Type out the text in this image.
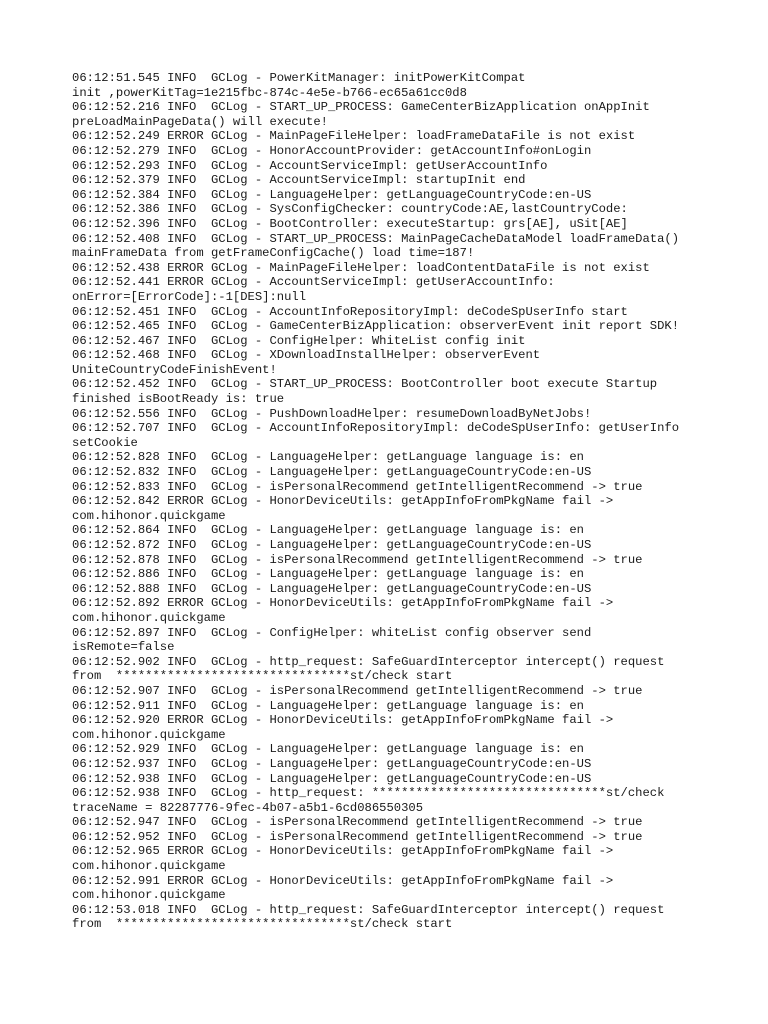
06:12:51.545 INFO  GCLog - PowerKitManager: initPowerKitCompat
init ,powerKitTag=1e215fbc-874c-4e5e-b766-ec65a61cc0d8
06:12:52.216 INFO  GCLog - START_UP_PROCESS: GameCenterBizApplication onAppInit
preLoadMainPageData() will execute!
06:12:52.249 ERROR GCLog - MainPageFileHelper: loadFrameDataFile is not exist
06:12:52.279 INFO  GCLog - HonorAccountProvider: getAccountInfo#onLogin
06:12:52.293 INFO  GCLog - AccountServiceImpl: getUserAccountInfo
06:12:52.379 INFO  GCLog - AccountServiceImpl: startupInit end
06:12:52.384 INFO  GCLog - LanguageHelper: getLanguageCountryCode:en-US
06:12:52.386 INFO  GCLog - SysConfigChecker: countryCode:AE,lastCountryCode:
06:12:52.396 INFO  GCLog - BootController: executeStartup: grs[AE], uSit[AE]
06:12:52.408 INFO  GCLog - START_UP_PROCESS: MainPageCacheDataModel loadFrameData()
mainFrameData from getFrameConfigCache() load time=187!
06:12:52.438 ERROR GCLog - MainPageFileHelper: loadContentDataFile is not exist
06:12:52.441 ERROR GCLog - AccountServiceImpl: getUserAccountInfo:
onError=[ErrorCode]:-1[DES]:null
06:12:52.451 INFO  GCLog - AccountInfoRepositoryImpl: deCodeSpUserInfo start
06:12:52.465 INFO  GCLog - GameCenterBizApplication: observerEvent init report SDK!
06:12:52.467 INFO  GCLog - ConfigHelper: WhiteList config init
06:12:52.468 INFO  GCLog - XDownloadInstallHelper: observerEvent
UniteCountryCodeFinishEvent!
06:12:52.452 INFO  GCLog - START_UP_PROCESS: BootController boot execute Startup
finished isBootReady is: true
06:12:52.556 INFO  GCLog - PushDownloadHelper: resumeDownloadByNetJobs!
06:12:52.707 INFO  GCLog - AccountInfoRepositoryImpl: deCodeSpUserInfo: getUserInfo
setCookie
06:12:52.828 INFO  GCLog - LanguageHelper: getLanguage language is: en
06:12:52.832 INFO  GCLog - LanguageHelper: getLanguageCountryCode:en-US
06:12:52.833 INFO  GCLog - isPersonalRecommend getIntelligentRecommend -> true
06:12:52.842 ERROR GCLog - HonorDeviceUtils: getAppInfoFromPkgName fail ->
com.hihonor.quickgame
06:12:52.864 INFO  GCLog - LanguageHelper: getLanguage language is: en
06:12:52.872 INFO  GCLog - LanguageHelper: getLanguageCountryCode:en-US
06:12:52.878 INFO  GCLog - isPersonalRecommend getIntelligentRecommend -> true
06:12:52.886 INFO  GCLog - LanguageHelper: getLanguage language is: en
06:12:52.888 INFO  GCLog - LanguageHelper: getLanguageCountryCode:en-US
06:12:52.892 ERROR GCLog - HonorDeviceUtils: getAppInfoFromPkgName fail ->
com.hihonor.quickgame
06:12:52.897 INFO  GCLog - ConfigHelper: whiteList config observer send
isRemote=false
06:12:52.902 INFO  GCLog - http_request: SafeGuardInterceptor intercept() request
from  ********************************st/check start
06:12:52.907 INFO  GCLog - isPersonalRecommend getIntelligentRecommend -> true
06:12:52.911 INFO  GCLog - LanguageHelper: getLanguage language is: en
06:12:52.920 ERROR GCLog - HonorDeviceUtils: getAppInfoFromPkgName fail ->
com.hihonor.quickgame
06:12:52.929 INFO  GCLog - LanguageHelper: getLanguage language is: en
06:12:52.937 INFO  GCLog - LanguageHelper: getLanguageCountryCode:en-US
06:12:52.938 INFO  GCLog - LanguageHelper: getLanguageCountryCode:en-US
06:12:52.938 INFO  GCLog - http_request: ********************************st/check
traceName = 82287776-9fec-4b07-a5b1-6cd086550305
06:12:52.947 INFO  GCLog - isPersonalRecommend getIntelligentRecommend -> true
06:12:52.952 INFO  GCLog - isPersonalRecommend getIntelligentRecommend -> true
06:12:52.965 ERROR GCLog - HonorDeviceUtils: getAppInfoFromPkgName fail ->
com.hihonor.quickgame
06:12:52.991 ERROR GCLog - HonorDeviceUtils: getAppInfoFromPkgName fail ->
com.hihonor.quickgame
06:12:53.018 INFO  GCLog - http_request: SafeGuardInterceptor intercept() request
from  ********************************st/check start
